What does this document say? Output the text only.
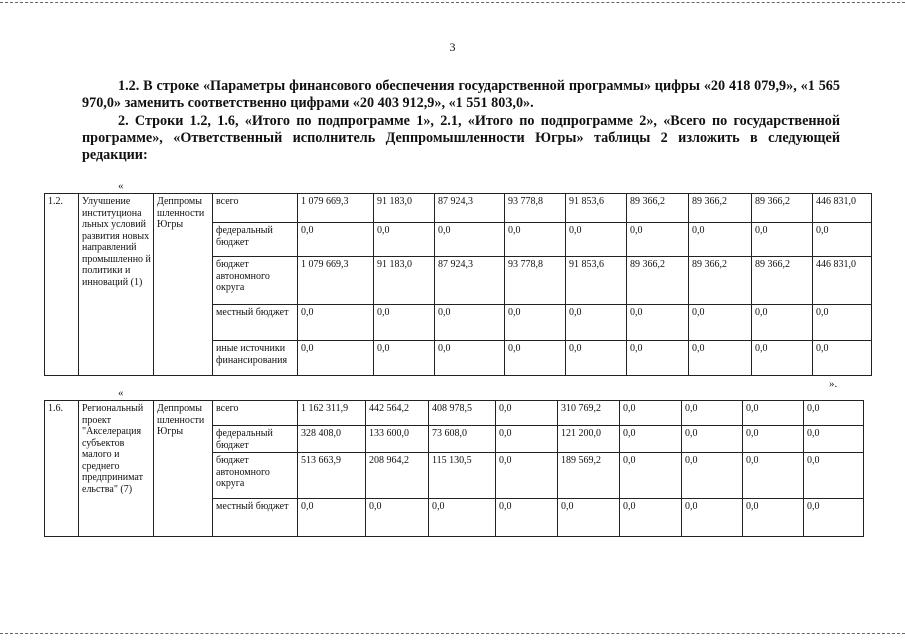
3
1.2. В строке «Параметры финансового обеспечения государственной программы» цифры «20 418 079,9», «1 565 970,0» заменить соответственно цифрами «20 403 912,9», «1 551 803,0».
2. Строки 1.2, 1.6, «Итого по подпрограмме 1», 2.1, «Итого по подпрограмме 2», «Всего по государственной программе», «Ответственный исполнитель Деппромышленности Югры» таблицы 2 изложить в следующей редакции:
«
1.2.	Улучшение институциона льных условий развития новых направлений промышленно й политики и инноваций (1)	Деппромы шленности Югры	всего	1 079 669,3	91 183,0	87 924,3	93 778,8	91 853,6	89 366,2	89 366,2	89 366,2	446 831,0
			федеральный бюджет	0,0	0,0	0,0	0,0	0,0	0,0	0,0	0,0	0,0
			бюджет автономного округа	1 079 669,3	91 183,0	87 924,3	93 778,8	91 853,6	89 366,2	89 366,2	89 366,2	446 831,0
			местный бюджет	0,0	0,0	0,0	0,0	0,0	0,0	0,0	0,0	0,0
			иные источники финансирования	0,0	0,0	0,0	0,0	0,0	0,0	0,0	0,0	0,0
«
».
1.6.	Региональный проект "Акселерация субъектов малого и среднего предпринимат ельства" (7)	Деппромы шленности Югры	всего	1 162 311,9	442 564,2	408 978,5	0,0	310 769,2	0,0	0,0	0,0	0,0
			федеральный бюджет	328 408,0	133 600,0	73 608,0	0,0	121 200,0	0,0	0,0	0,0	0,0
			бюджет автономного округа	513 663,9	208 964,2	115 130,5	0,0	189 569,2	0,0	0,0	0,0	0,0
			местный бюджет	0,0	0,0	0,0	0,0	0,0	0,0	0,0	0,0	0,0
